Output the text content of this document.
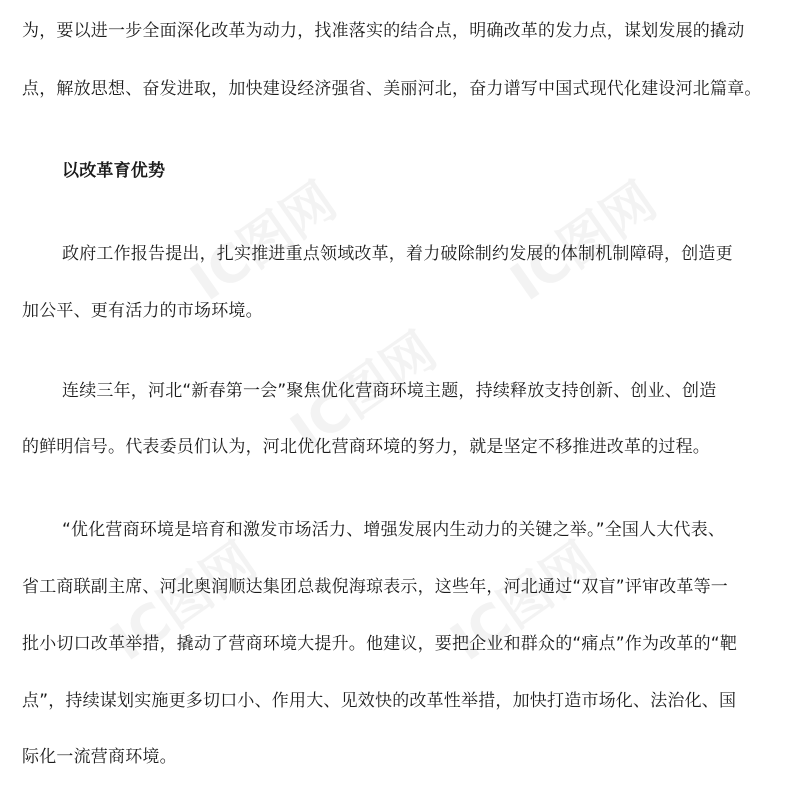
IC图网	IC图网
IC图网
IC图网	IC图网
为，要以进一步全面深化改革为动力，找准落实的结合点，明确改革的发力点，谋划发展的撬动
点，解放思想、奋发进取，加快建设经济强省、美丽河北，奋力谱写中国式现代化建设河北篇章。
以改革育优势
政府工作报告提出，扎实推进重点领域改革，着力破除制约发展的体制机制障碍，创造更
加公平、更有活力的市场环境。
连续三年，河北“新春第一会”聚焦优化营商环境主题，持续释放支持创新、创业、创造
的鲜明信号。代表委员们认为，河北优化营商环境的努力，就是坚定不移推进改革的过程。
“优化营商环境是培育和激发市场活力、增强发展内生动力的关键之举。”全国人大代表、
省工商联副主席、河北奥润顺达集团总裁倪海琼表示，这些年，河北通过“双盲”评审改革等一
批小切口改革举措，撬动了营商环境大提升。他建议，要把企业和群众的“痛点”作为改革的“靶
点”，持续谋划实施更多切口小、作用大、见效快的改革性举措，加快打造市场化、法治化、国
际化一流营商环境。
